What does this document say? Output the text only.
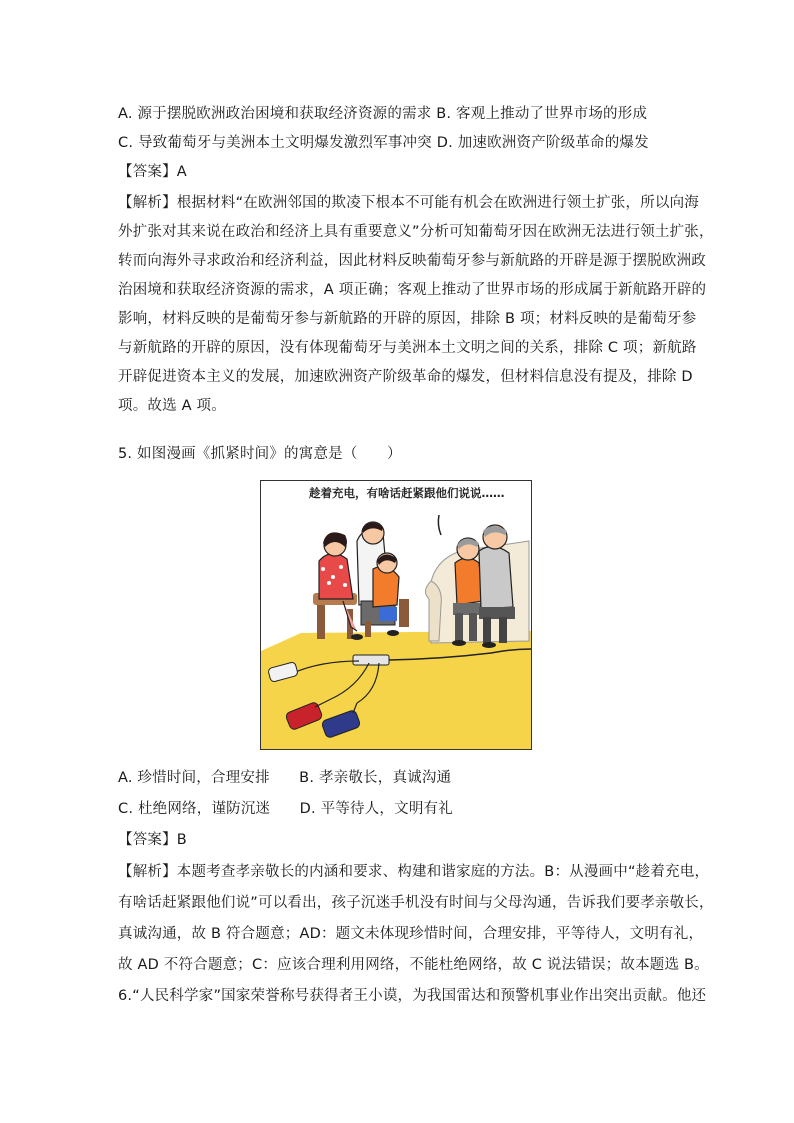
A. 源于摆脱欧洲政治困境和获取经济资源的需求 B. 客观上推动了世界市场的形成
C. 导致葡萄牙与美洲本土文明爆发激烈军事冲突 D. 加速欧洲资产阶级革命的爆发
【答案】A
【解析】根据材料“在欧洲邻国的欺凌下根本不可能有机会在欧洲进行领土扩张，所以向海
外扩张对其来说在政治和经济上具有重要意义”分析可知葡萄牙因在欧洲无法进行领土扩张，
转而向海外寻求政治和经济利益，因此材料反映葡萄牙参与新航路的开辟是源于摆脱欧洲政
治困境和获取经济资源的需求，A 项正确；客观上推动了世界市场的形成属于新航路开辟的
影响，材料反映的是葡萄牙参与新航路的开辟的原因，排除 B 项；材料反映的是葡萄牙参
与新航路的开辟的原因，没有体现葡萄牙与美洲本土文明之间的关系，排除 C 项；新航路
开辟促进资本主义的发展，加速欧洲资产阶级革命的爆发，但材料信息没有提及，排除 D
项。故选 A 项。
5. 如图漫画《抓紧时间》的寓意是（　　）
趁着充电，有啥话赶紧跟他们说说……
A. 珍惜时间，合理安排　　B. 孝亲敬长，真诚沟通
C. 杜绝网络，谨防沉迷　　D. 平等待人，文明有礼
【答案】B
【解析】本题考查孝亲敬长的内涵和要求、构建和谐家庭的方法。B：从漫画中“趁着充电，
有啥话赶紧跟他们说”可以看出，孩子沉迷手机没有时间与父母沟通，告诉我们要孝亲敬长，
真诚沟通，故 B 符合题意；AD：题文未体现珍惜时间，合理安排，平等待人，文明有礼，
故 AD 不符合题意；C：应该合理利用网络，不能杜绝网络，故 C 说法错误；故本题选 B。
6.“人民科学家”国家荣誉称号获得者王小谟，为我国雷达和预警机事业作出突出贡献。他还
